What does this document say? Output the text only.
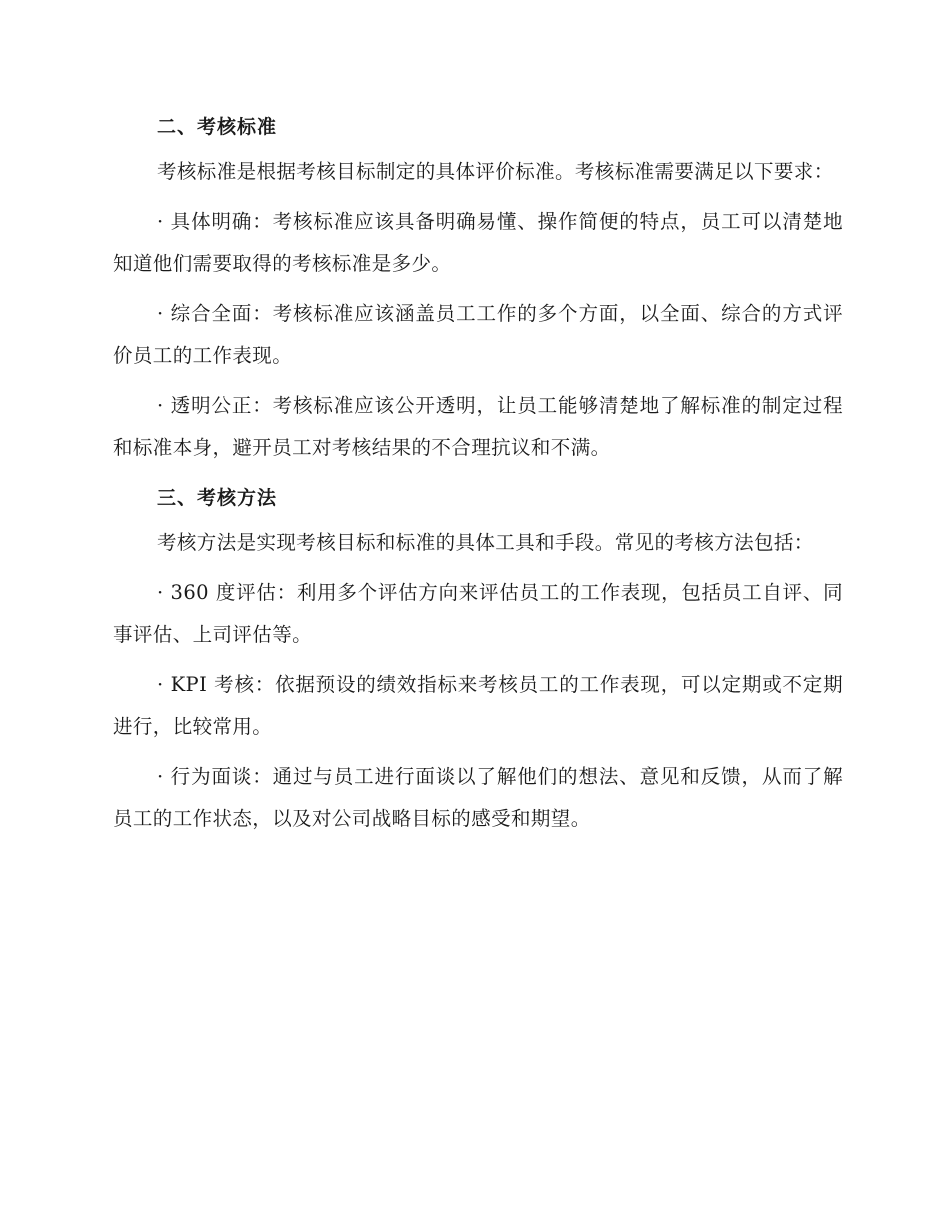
二、考核标准

考核标准是根据考核目标制定的具体评价标准。考核标准需要满足以下要求：

· 具体明确：考核标准应该具备明确易懂、操作简便的特点，员工可以清楚地知道他们需要取得的考核标准是多少。

· 综合全面：考核标准应该涵盖员工工作的多个方面，以全面、综合的方式评价员工的工作表现。

· 透明公正：考核标准应该公开透明，让员工能够清楚地了解标准的制定过程和标准本身，避开员工对考核结果的不合理抗议和不满。

三、考核方法

考核方法是实现考核目标和标准的具体工具和手段。常见的考核方法包括：

· 360 度评估：利用多个评估方向来评估员工的工作表现，包括员工自评、同事评估、上司评估等。

· KPI 考核：依据预设的绩效指标来考核员工的工作表现，可以定期或不定期进行，比较常用。

· 行为面谈：通过与员工进行面谈以了解他们的想法、意见和反馈，从而了解员工的工作状态，以及对公司战略目标的感受和期望。
